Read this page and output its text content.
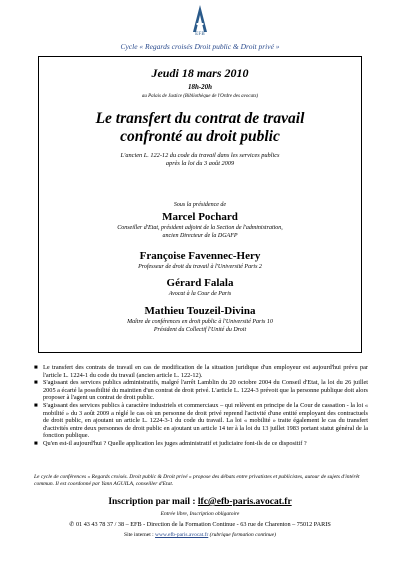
EFB
Cycle « Regards croisés Droit public & Droit privé »
Jeudi 18 mars 2010
18h-20h
au Palais de Justice (Bibliothèque de l'Ordre des avocats)
Le transfert du contrat de travail
confronté au droit public
L'ancien L. 122-12 du code du travail dans les services publics
après la loi du 3 août 2009
Sous la présidence de
Marcel Pochard
Conseiller d'Etat, président adjoint de la Section de l'administration,
ancien Directeur de la DGAFP
Françoise Favennec-Hery
Professeur de droit du travail à l'Université Paris 2
Gérard Falala
Avocat à la Cour de Paris
Mathieu Touzeil-Divina
Maître de conférences en droit public à l'Université Paris 10
Président du Collectif l'Unité du Droit
■ Le transfert des contrats de travail en cas de modification de la situation juridique d'un employeur est aujourd'hui prévu par l'article L. 1224-1 du code du travail (ancien article L. 122-12).
■ S'agissant des services publics administratifs, malgré l'arrêt Lamblin du 20 octobre 2004 du Conseil d'Etat, la loi du 26 juillet 2005 a écarté la possibilité du maintien d'un contrat de droit privé. L'article L. 1224-3 prévoit que la personne publique doit alors proposer à l'agent un contrat de droit public.
■ S'agissant des services publics à caractère industriels et commerciaux – qui relèvent en principe de la Cour de cassation - la loi « mobilité » du 3 août 2009 a réglé le cas où un personne de droit privé reprend l'activité d'une entité employant des contractuels de droit public, en ajoutant un article L. 1224-3-1 du code du travail. La loi « mobilité » traite également le cas du transfert d'activités entre deux personnes de droit public en ajoutant un article 14 ter à la loi du 13 juillet 1983 portant statut général de la fonction publique.
■ Qu'en est-il aujourd'hui ? Quelle application les juges administratif et judiciaire font-ils de ce dispositif ?
Le cycle de conférences « Regards croisés. Droit public & Droit privé » propose des débats entre privatistes et publicistes, autour de sujets d'intérêt commun. Il est coordonné par Yann AGUILA, conseiller d'Etat.
Inscription par mail : lfc@efb-paris.avocat.fr
Entrée libre, Inscription obligatoire
✆ 01 43 43 78 37 / 38 – EFB - Direction de la Formation Continue - 63 rue de Charenton – 75012 PARIS
Site internet : www.efb-paris.avocat.fr (rubrique formation continue)
